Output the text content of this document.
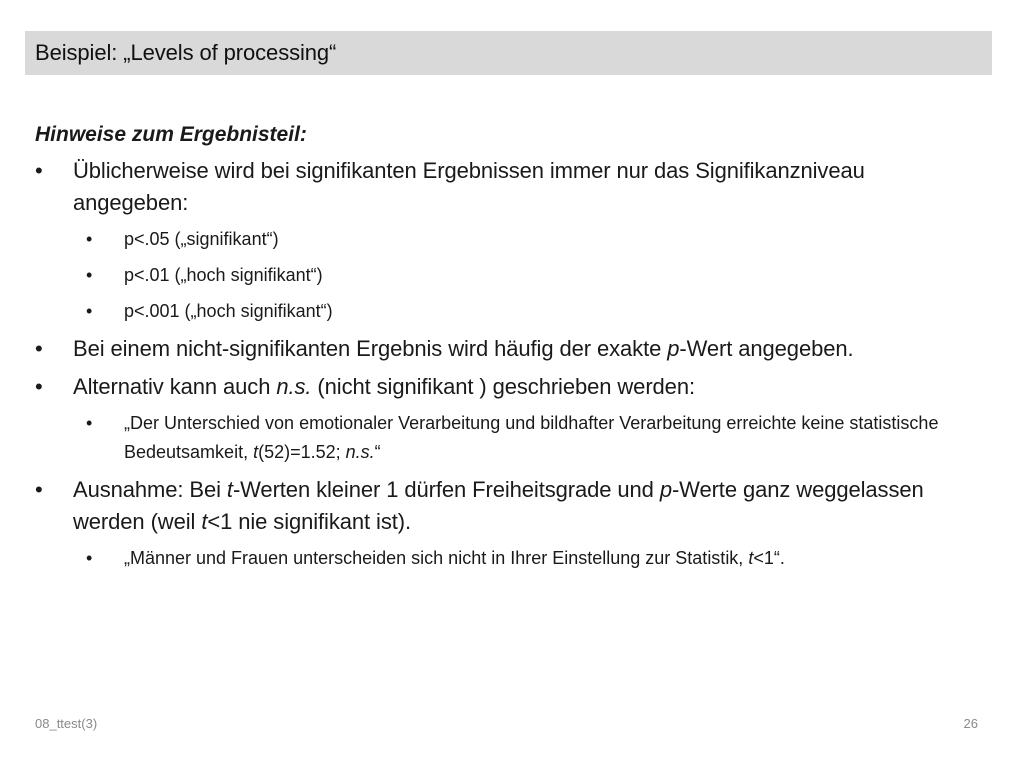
Beispiel: „Levels of processing“
Hinweise zum Ergebnisteil:
•	Üblicherweise wird bei signifikanten Ergebnissen immer nur das Signifikanzniveau angegeben:
•	p<.05 („signifikant“)
•	p<.01 („hoch signifikant“)
•	p<.001 („hoch signifikant“)
•	Bei einem nicht-signifikanten Ergebnis wird häufig der exakte p-Wert angegeben.
•	Alternativ kann auch n.s. (nicht signifikant ) geschrieben werden:
•	„Der Unterschied von emotionaler Verarbeitung und bildhafter Verarbeitung erreichte keine statistische Bedeutsamkeit, t(52)=1.52; n.s.“
•	Ausnahme: Bei t-Werten kleiner 1 dürfen Freiheitsgrade und p-Werte ganz weggelassen werden (weil t<1 nie signifikant ist).
•	„Männer und Frauen unterscheiden sich nicht in Ihrer Einstellung zur Statistik, t<1“.
08_ttest(3)	26
